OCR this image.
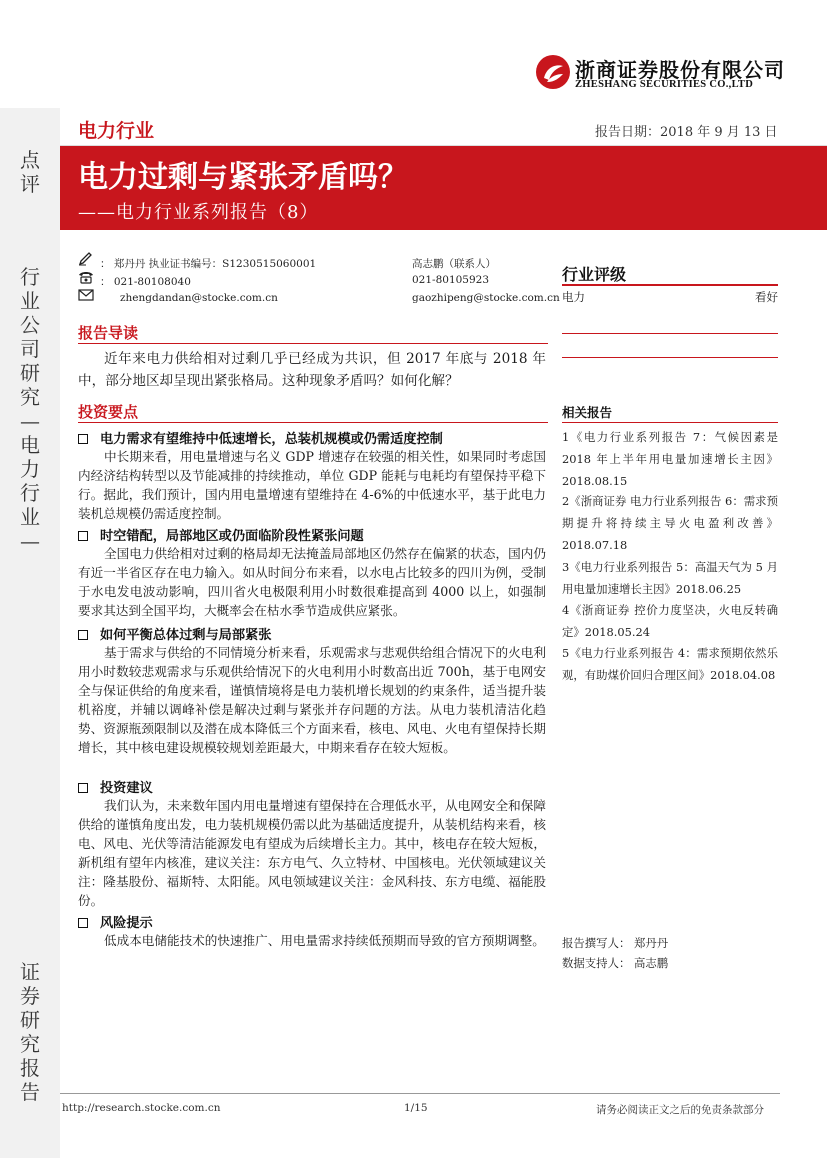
点
评
行
业
公
司
研
究
—
电
力
行
业
—
证
券
研
究
报
告
浙商证券股份有限公司
ZHESHANG SECURITIES CO.,LTD
电力行业	报告日期：2018 年 9 月 13 日
电力过剩与紧张矛盾吗？
——电力行业系列报告（8）
： 郑丹丹 执业证书编号：S1230515060001	高志鹏（联系人）
： 021-80108040	021-80105923
zhengdandan@stocke.com.cn	gaozhipeng@stocke.com.cn
报告导读
近年来电力供给相对过剩几乎已经成为共识，但 2017 年底与 2018 年中，部分地区却呈现出紧张格局。这种现象矛盾吗？如何化解？
投资要点
电力需求有望维持中低速增长，总装机规模或仍需适度控制
中长期来看，用电量增速与名义 GDP 增速存在较强的相关性，如果同时考虑国内经济结构转型以及节能减排的持续推动，单位 GDP 能耗与电耗均有望保持平稳下行。据此，我们预计，国内用电量增速有望维持在 4-6%的中低速水平，基于此电力装机总规模仍需适度控制。
时空错配，局部地区或仍面临阶段性紧张问题
全国电力供给相对过剩的格局却无法掩盖局部地区仍然存在偏紧的状态，国内仍有近一半省区存在电力输入。如从时间分布来看，以水电占比较多的四川为例，受制于水电发电波动影响，四川省火电极限利用小时数很难提高到 4000 以上，如强制要求其达到全国平均，大概率会在枯水季节造成供应紧张。
如何平衡总体过剩与局部紧张
基于需求与供给的不同情境分析来看，乐观需求与悲观供给组合情况下的火电利用小时数较悲观需求与乐观供给情况下的火电利用小时数高出近 700h，基于电网安全与保证供给的角度来看，谨慎情境将是电力装机增长规划的约束条件，适当提升装机裕度，并辅以调峰补偿是解决过剩与紧张并存问题的方法。从电力装机清洁化趋势、资源瓶颈限制以及潜在成本降低三个方面来看，核电、风电、火电有望保持长期增长，其中核电建设规模较规划差距最大，中期来看存在较大短板。
投资建议
我们认为，未来数年国内用电量增速有望保持在合理低水平，从电网安全和保障供给的谨慎角度出发，电力装机规模仍需以此为基础适度提升，从装机结构来看，核电、风电、光伏等清洁能源发电有望成为后续增长主力。其中，核电存在较大短板，新机组有望年内核准，建议关注：东方电气、久立特材、中国核电。光伏领域建议关注：隆基股份、福斯特、太阳能。风电领域建议关注：金风科技、东方电缆、福能股份。
风险提示
低成本电储能技术的快速推广、用电量需求持续低预期而导致的官方预期调整。
行业评级
电力	看好
相关报告
1《电力行业系列报告 7：气候因素是 2018 年上半年用电量加速增长主因》2018.08.15
2《浙商证券 电力行业系列报告 6：需求预期提升将持续主导火电盈利改善》2018.07.18
3《电力行业系列报告 5：高温天气为 5 月用电量加速增长主因》2018.06.25
4《浙商证券 控价力度坚决，火电反转确定》2018.05.24
5《电力行业系列报告 4：需求预期依然乐观，有助煤价回归合理区间》2018.04.08
报告撰写人： 郑丹丹
数据支持人： 高志鹏
http://research.stocke.com.cn	1/15	请务必阅读正文之后的免责条款部分
